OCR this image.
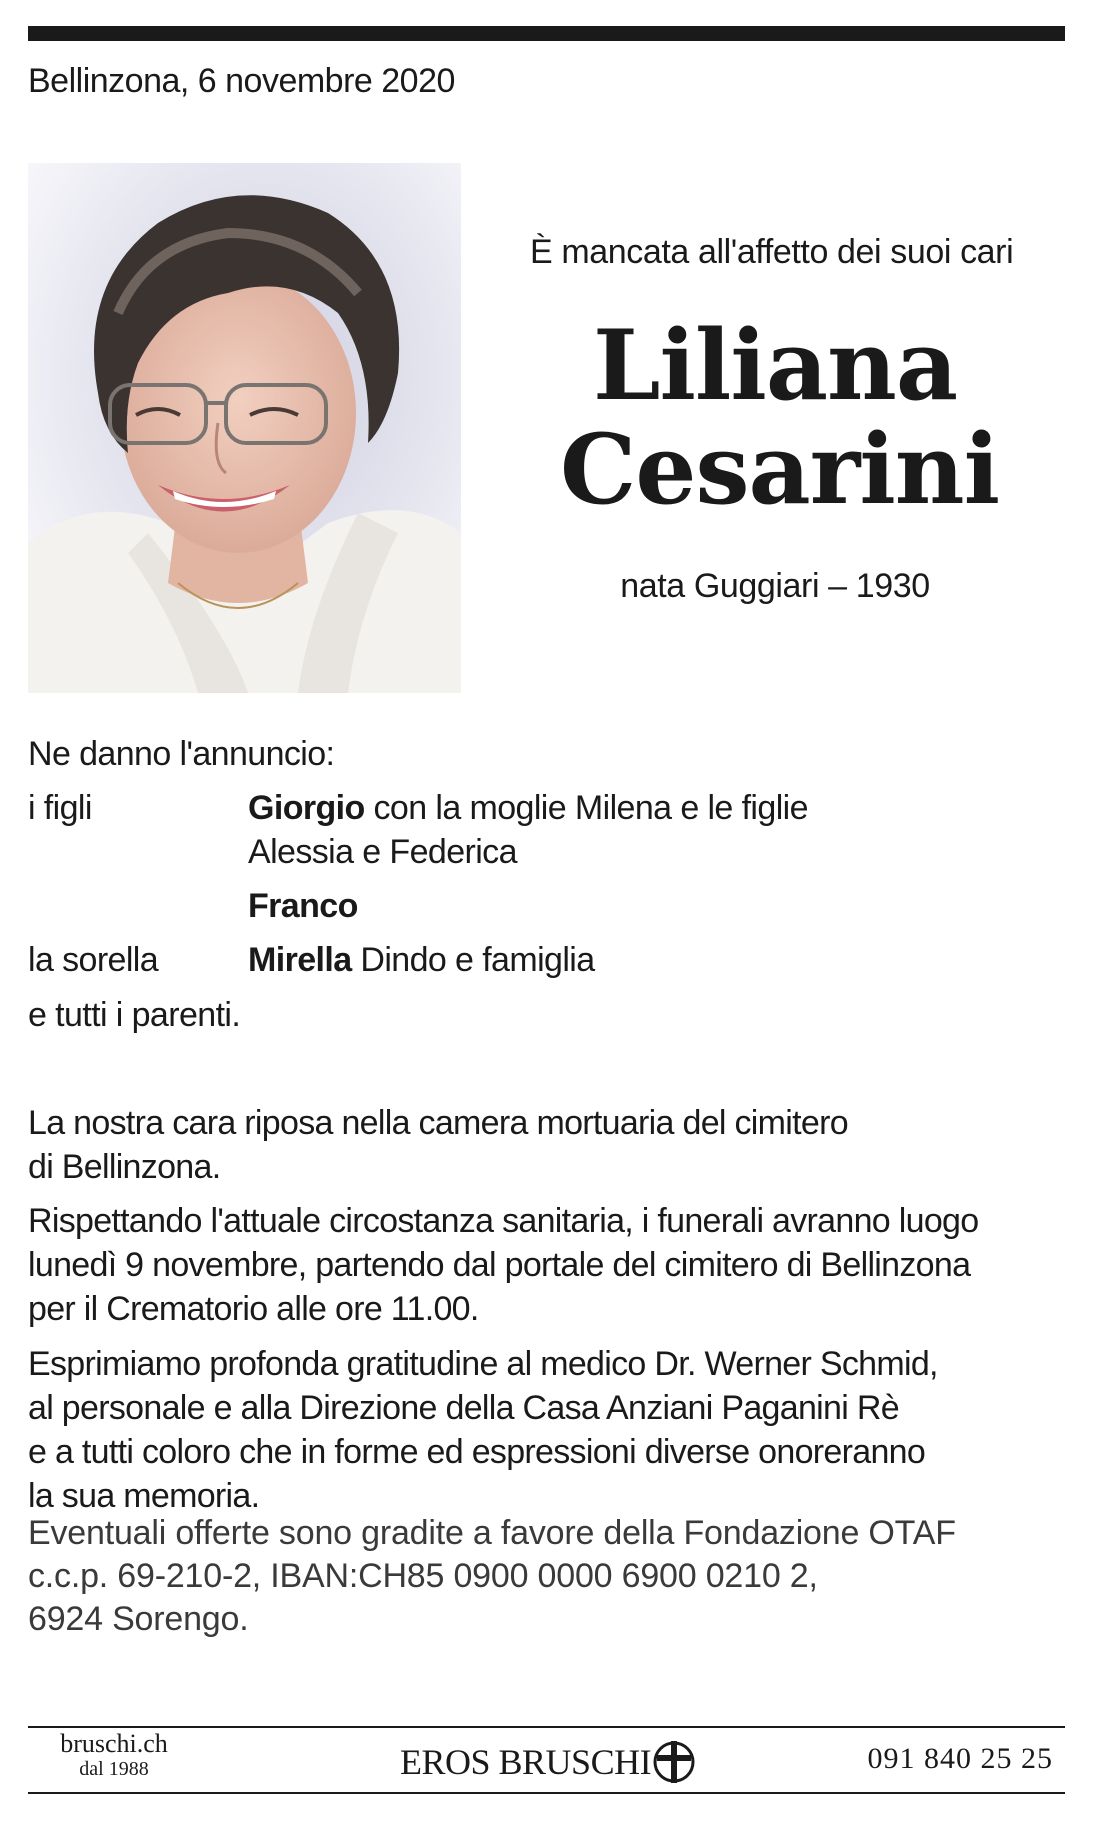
Bellinzona, 6 novembre 2020
È mancata all'affetto dei suoi cari
Liliana
Cesarini
nata Guggiari – 1930
Ne danno l'annuncio:
i figli	Giorgio con la moglie Milena e le figlie
Alessia e Federica
Franco
la sorella	Mirella Dindo e famiglia
e tutti i parenti.

La nostra cara riposa nella camera mortuaria del cimitero

di Bellinzona.

Rispettando l'attuale circostanza sanitaria, i funerali avranno luogo

lunedì 9 novembre, partendo dal portale del cimitero di Bellinzona

per il Crematorio alle ore 11.00.

Esprimiamo profonda gratitudine al medico Dr. Werner Schmid,

al personale e alla Direzione della Casa Anziani Paganini Rè

e a tutti coloro che in forme ed espressioni diverse onoreranno

la sua memoria.

Eventuali offerte sono gradite a favore della Fondazione OTAF

c.c.p. 69-210-2, IBAN:CH85 0900 0000 6900 0210 2,

6924 Sorengo.

bruschi.ch
dal 1988	EROS BRUSCHI	091 840 25 25
